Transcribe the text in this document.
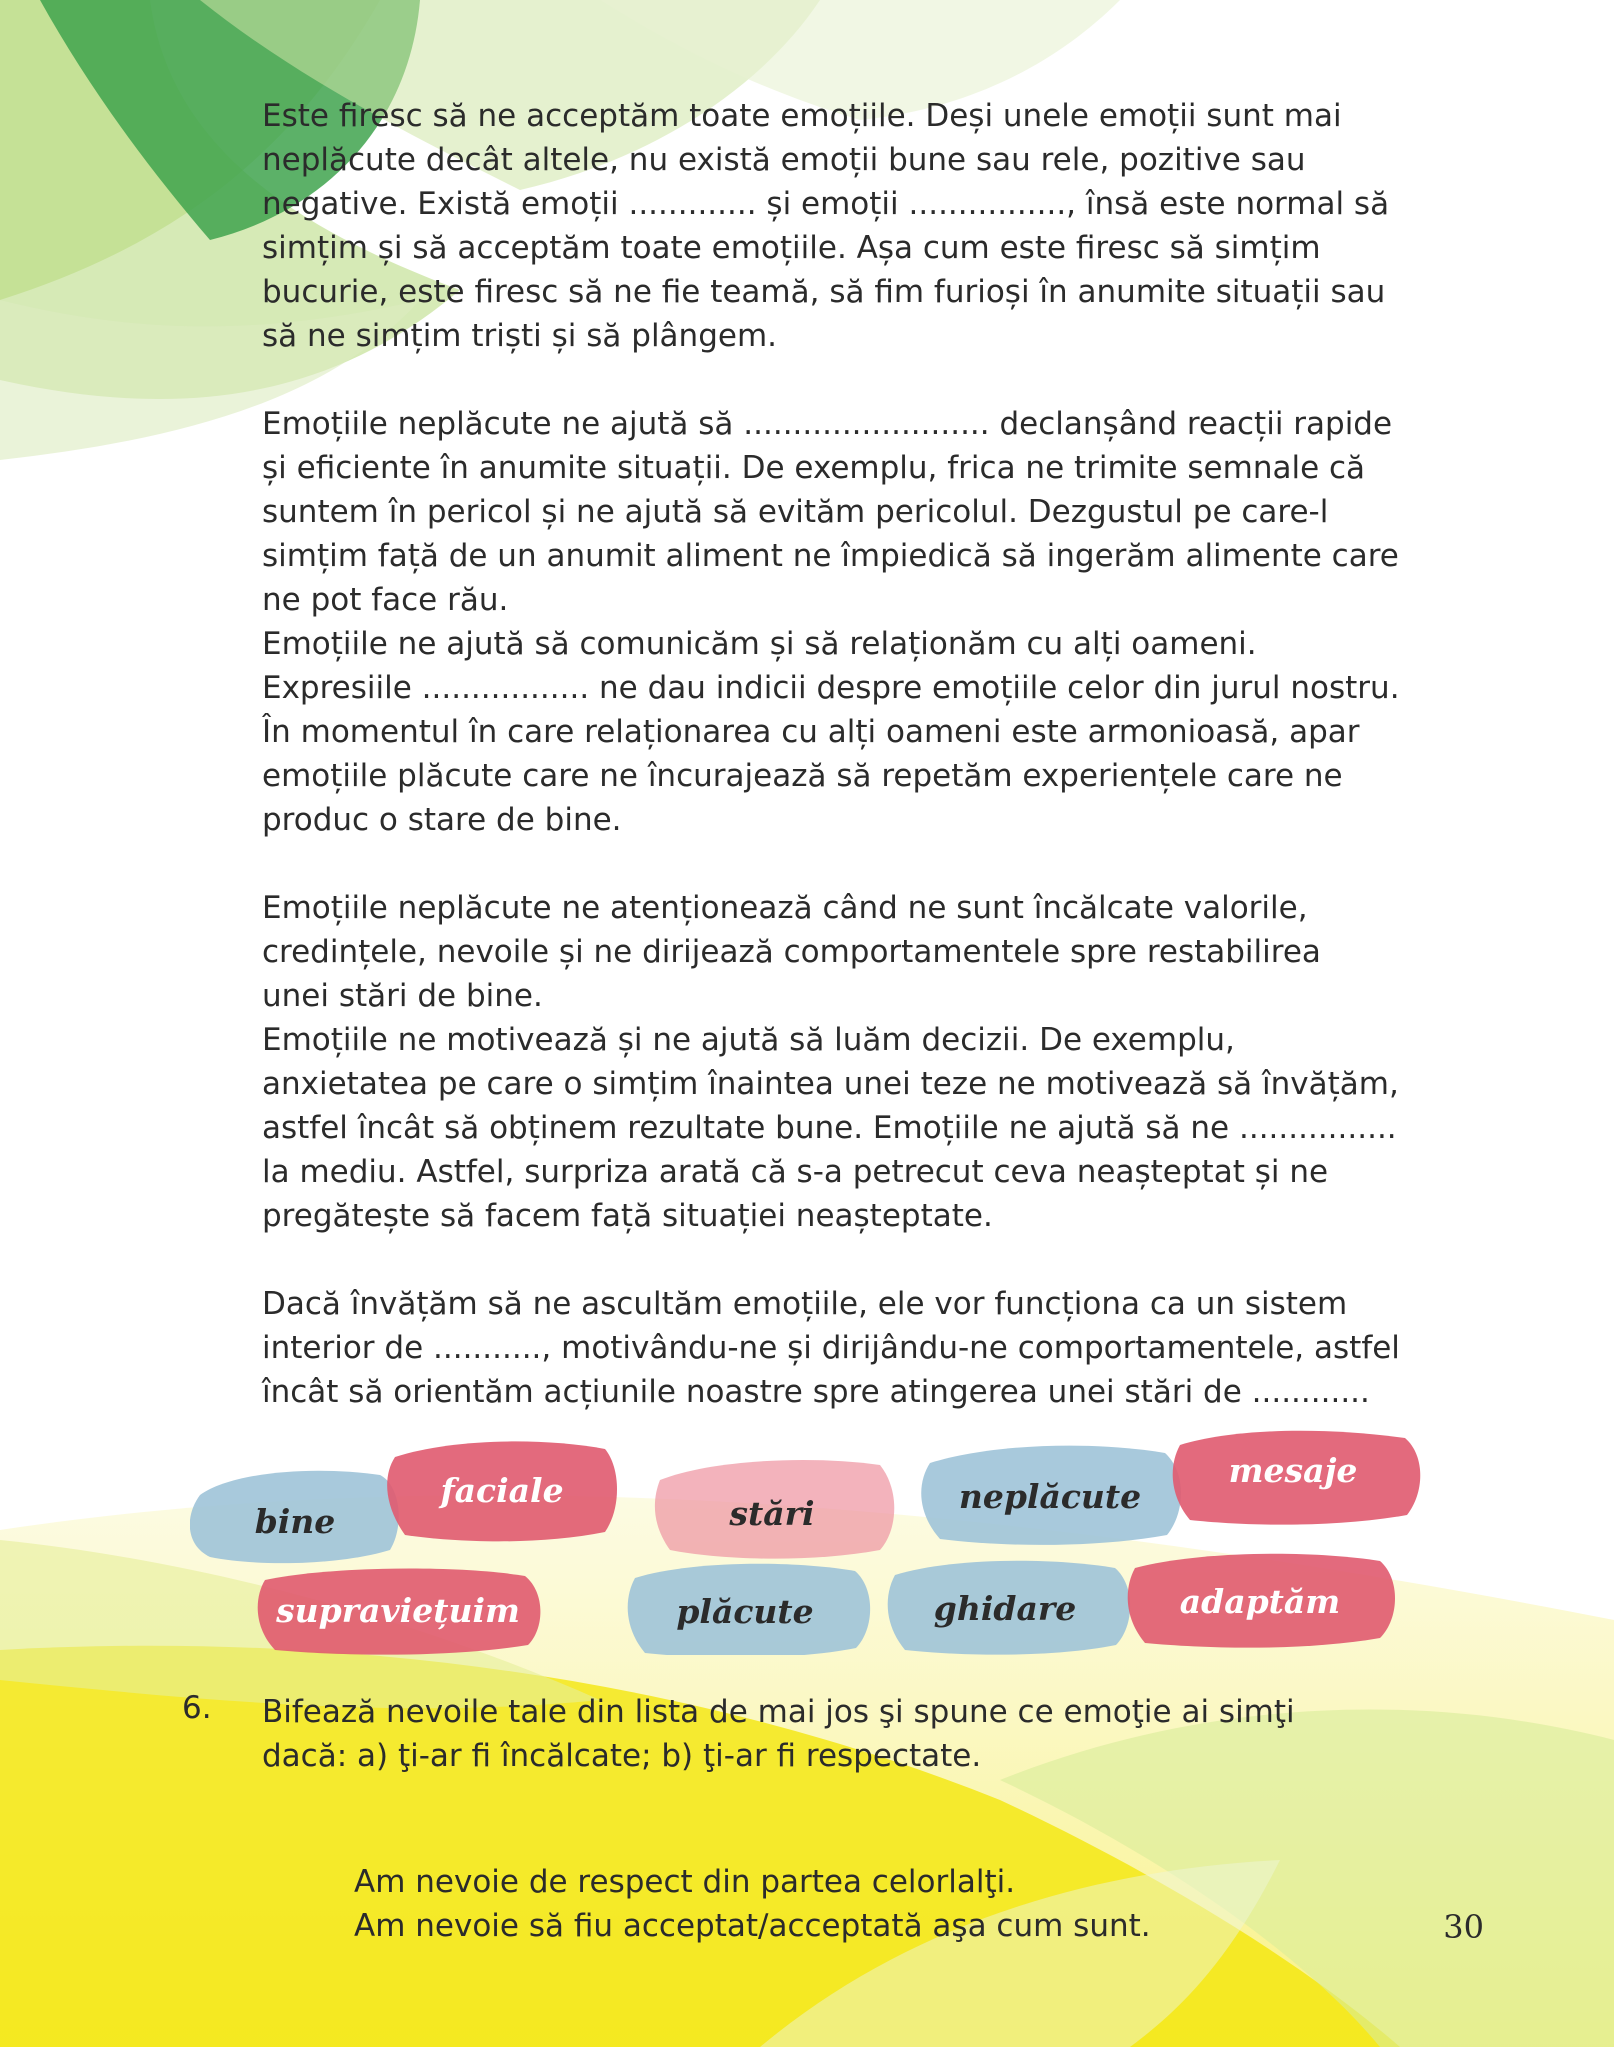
Este firesc să ne acceptăm toate emoțiile. Deși unele emoții sunt mai
neplăcute decât altele, nu există emoții bune sau rele, pozitive sau
negative. Există emoții ............. și emoții ................, însă este normal să
simțim și să acceptăm toate emoțiile. Așa cum este firesc să simțim
bucurie, este firesc să ne fie teamă, să fim furioși în anumite situații sau
să ne simțim triști și să plângem.

Emoțiile neplăcute ne ajută să ......................... declanșând reacții rapide
și eficiente în anumite situații. De exemplu, frica ne trimite semnale că
suntem în pericol și ne ajută să evităm pericolul. Dezgustul pe care-l
simțim față de un anumit aliment ne împiedică să ingerăm alimente care
ne pot face rău.
Emoțiile ne ajută să comunicăm și să relaționăm cu alți oameni.
Expresiile ................. ne dau indicii despre emoțiile celor din jurul nostru.
În momentul în care relaționarea cu alți oameni este armonioasă, apar
emoțiile plăcute care ne încurajează să repetăm experiențele care ne
produc o stare de bine.

Emoțiile neplăcute ne atenționează când ne sunt încălcate valorile,
credințele, nevoile și ne dirijează comportamentele spre restabilirea
unei stări de bine.
Emoțiile ne motivează și ne ajută să luăm decizii. De exemplu,
anxietatea pe care o simțim înaintea unei teze ne motivează să învățăm,
astfel încât să obținem rezultate bune. Emoțiile ne ajută să ne ................
la mediu. Astfel, surpriza arată că s-a petrecut ceva neașteptat și ne
pregătește să facem față situației neașteptate.

Dacă învățăm să ne ascultăm emoțiile, ele vor funcționa ca un sistem
interior de ..........., motivându-ne și dirijându-ne comportamentele, astfel
încât să orientăm acțiunile noastre spre atingerea unei stări de ............

bine
faciale
stări	neplăcute
mesaje
supraviețuim	plăcute	ghidare	adaptăm
6. Bifează nevoile tale din lista de mai jos şi spune ce emoţie ai simţi
dacă: a) ţi-ar fi încălcate; b) ţi-ar fi respectate.
Am nevoie de respect din partea celorlalţi.
Am nevoie să fiu acceptat/acceptată aşa cum sunt.	30
